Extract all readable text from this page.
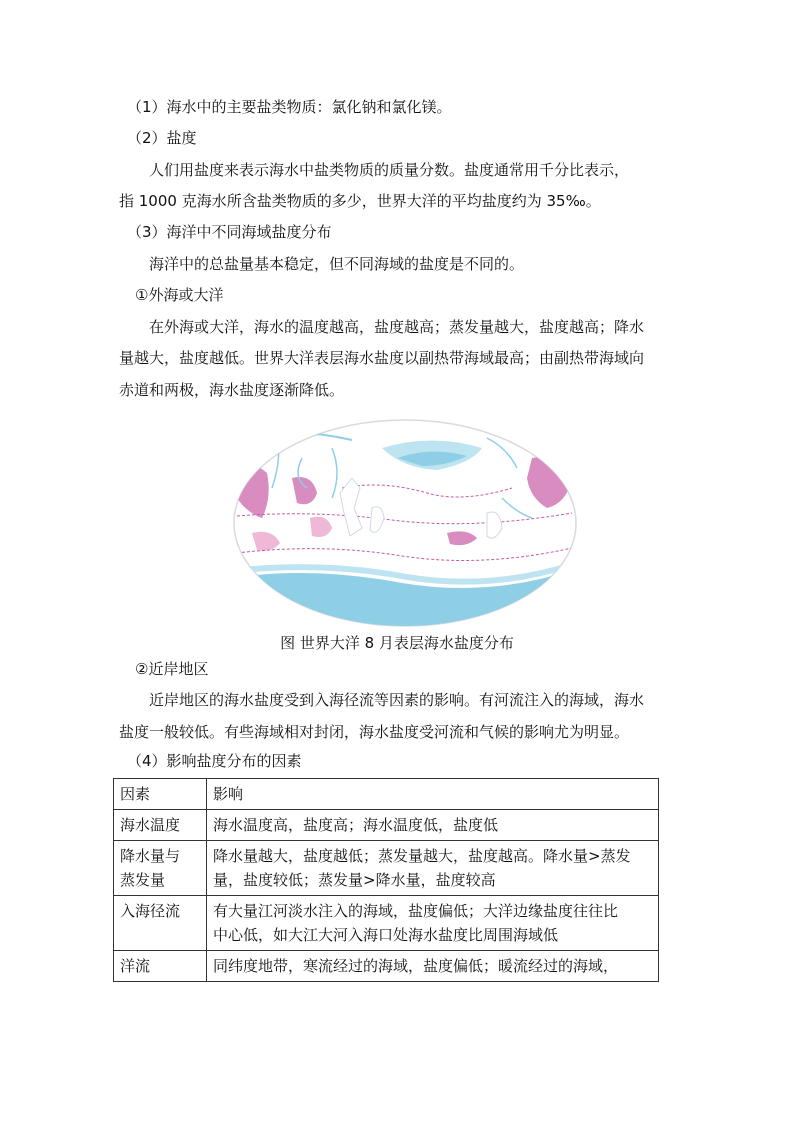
（1）海水中的主要盐类物质：氯化钠和氯化镁。
（2）盐度
人们用盐度来表示海水中盐类物质的质量分数。盐度通常用千分比表示，
指 1000 克海水所含盐类物质的多少，世界大洋的平均盐度约为 35‰。
（3）海洋中不同海域盐度分布
海洋中的总盐量基本稳定，但不同海域的盐度是不同的。
①外海或大洋
在外海或大洋，海水的温度越高，盐度越高；蒸发量越大，盐度越高；降水
量越大，盐度越低。世界大洋表层海水盐度以副热带海域最高；由副热带海域向
赤道和两极，海水盐度逐渐降低。
图 世界大洋 8 月表层海水盐度分布
②近岸地区
近岸地区的海水盐度受到入海径流等因素的影响。有河流注入的海域，海水
盐度一般较低。有些海域相对封闭，海水盐度受河流和气候的影响尤为明显。
（4）影响盐度分布的因素
因素	影响
海水温度	海水温度高，盐度高；海水温度低，盐度低
降水量与
蒸发量	降水量越大，盐度越低；蒸发量越大，盐度越高。降水量>蒸发
量，盐度较低；蒸发量>降水量，盐度较高
入海径流	有大量江河淡水注入的海域，盐度偏低；大洋边缘盐度往往比
中心低，如大江大河入海口处海水盐度比周围海域低
洋流	同纬度地带，寒流经过的海域，盐度偏低；暖流经过的海域，
